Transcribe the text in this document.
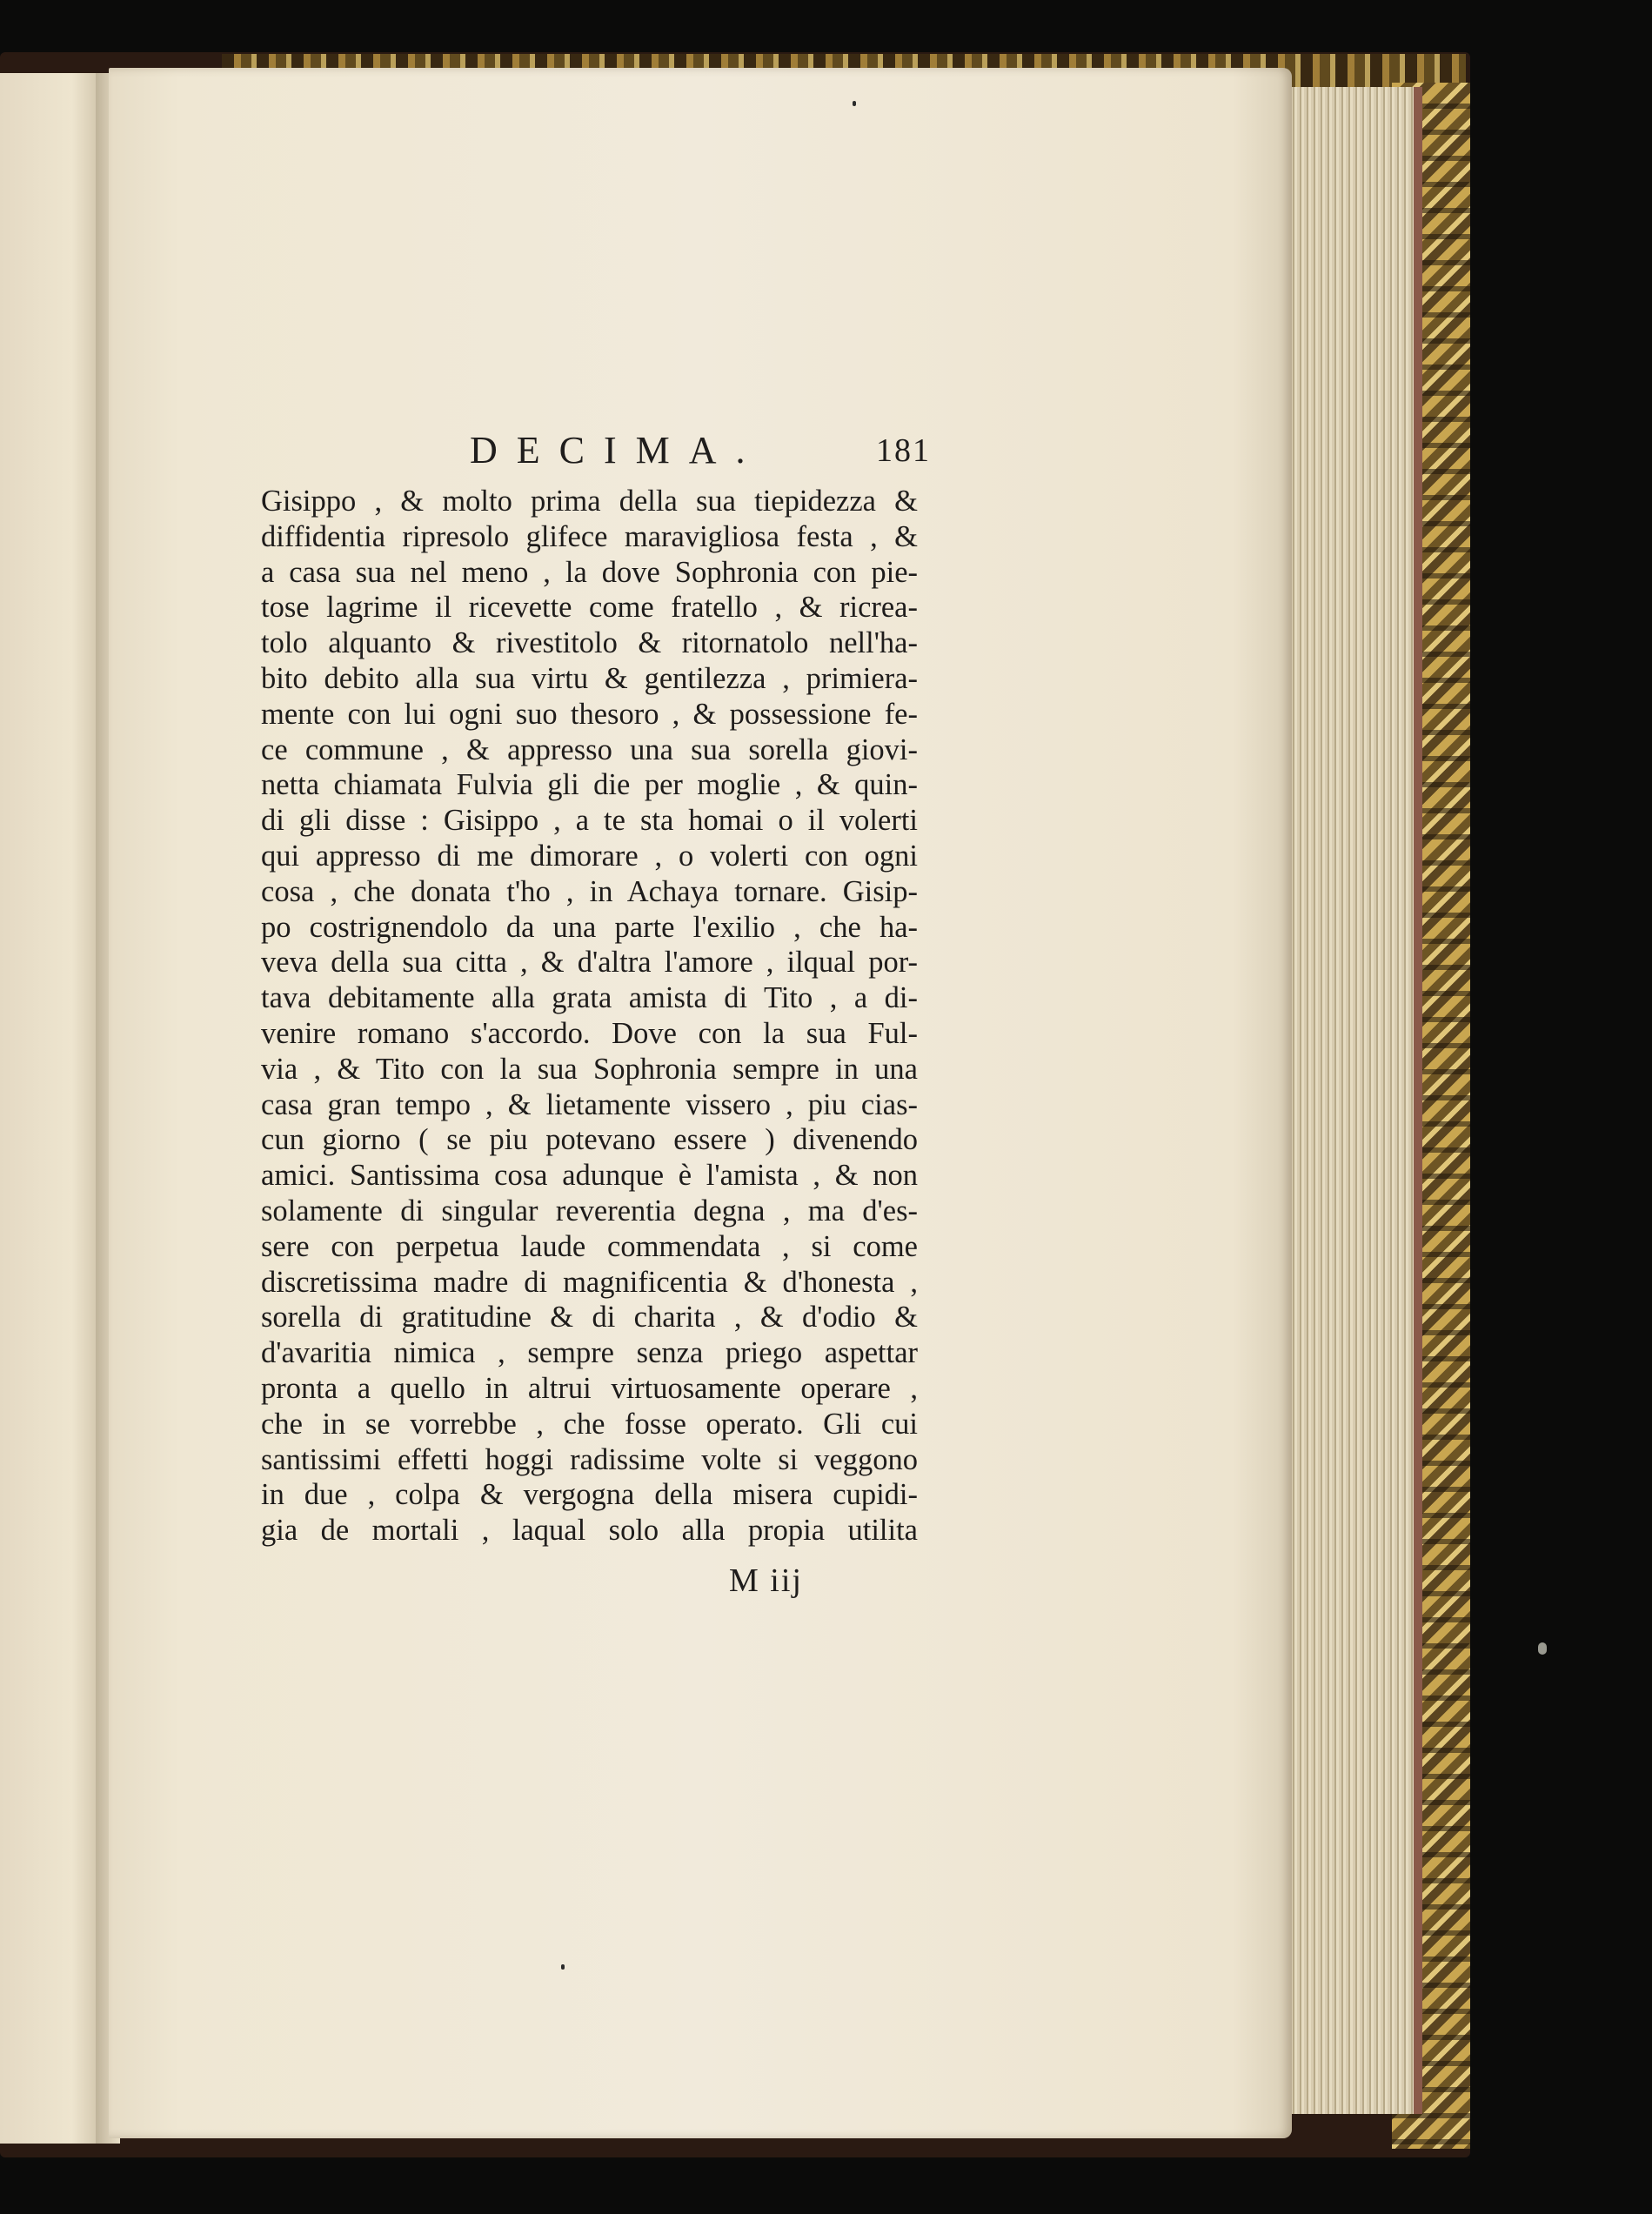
DECIMA.	181
Gisippo , & molto prima della sua tiepidezza &
diffidentia ripresolo glifece maravigliosa festa , &
a casa sua nel meno , la dove Sophronia con pie-
tose lagrime il ricevette come fratello , & ricrea-
tolo alquanto & rivestitolo & ritornatolo nell'ha-
bito debito alla sua virtu & gentilezza , primiera-
mente con lui ogni suo thesoro , & possessione fe-
ce commune , & appresso una sua sorella giovi-
netta chiamata Fulvia gli die per moglie , & quin-
di gli disse : Gisippo , a te sta homai o il volerti
qui appresso di me dimorare , o volerti con ogni
cosa , che donata t'ho , in Achaya tornare. Gisip-
po costrignendolo da una parte l'exilio , che ha-
veva della sua citta , & d'altra l'amore , ilqual por-
tava debitamente alla grata amista di Tito , a di-
venire romano s'accordo. Dove con la sua Ful-
via , & Tito con la sua Sophronia sempre in una
casa gran tempo , & lietamente vissero , piu cias-
cun giorno ( se piu potevano essere ) divenendo
amici. Santissima cosa adunque è l'amista , & non
solamente di singular reverentia degna , ma d'es-
sere con perpetua laude commendata , si come
discretissima madre di magnificentia & d'honesta ,
sorella di gratitudine & di charita , & d'odio &
d'avaritia nimica , sempre senza priego aspettar
pronta a quello in altrui virtuosamente operare ,
che in se vorrebbe , che fosse operato. Gli cui
santissimi effetti hoggi radissime volte si veggono
in due , colpa & vergogna della misera cupidi-
gia de mortali , laqual solo alla propia utilita
M iij
